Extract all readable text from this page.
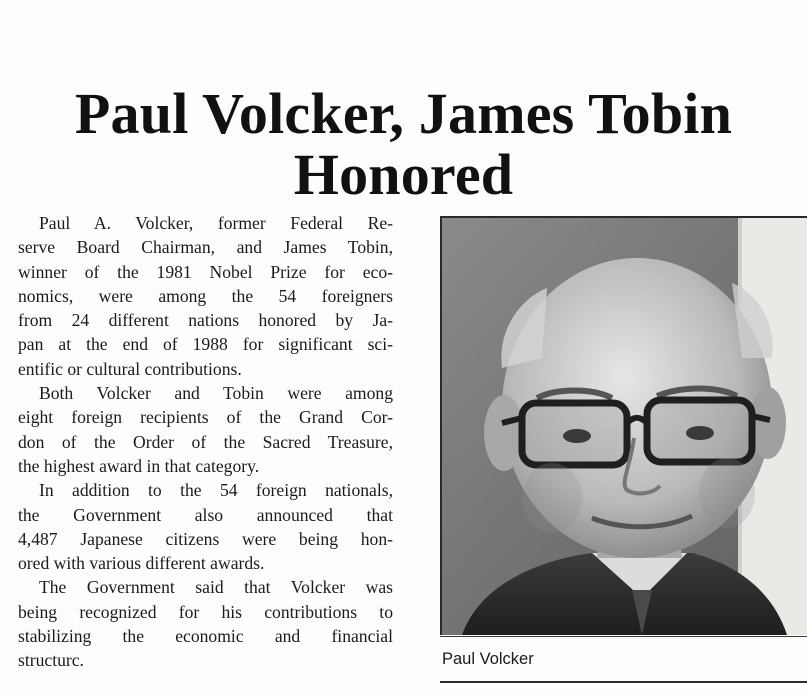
Paul Volcker, James Tobin
Honored

Paul A. Volcker, former Federal Re-
serve Board Chairman, and James Tobin,
winner of the 1981 Nobel Prize for eco-
nomics, were among the 54 foreigners
from 24 different nations honored by Ja-
pan at the end of 1988 for significant sci-
entific or cultural contributions.

Both Volcker and Tobin were among
eight foreign recipients of the Grand Cor-
don of the Order of the Sacred Treasure,
the highest award in that category.

In addition to the 54 foreign nationals,
the Government also announced that
4,487 Japanese citizens were being hon-
ored with various different awards.

The Government said that Volcker was
being recognized for his contributions to
stabilizing the economic and financial
structurc.	Paul Volcker
